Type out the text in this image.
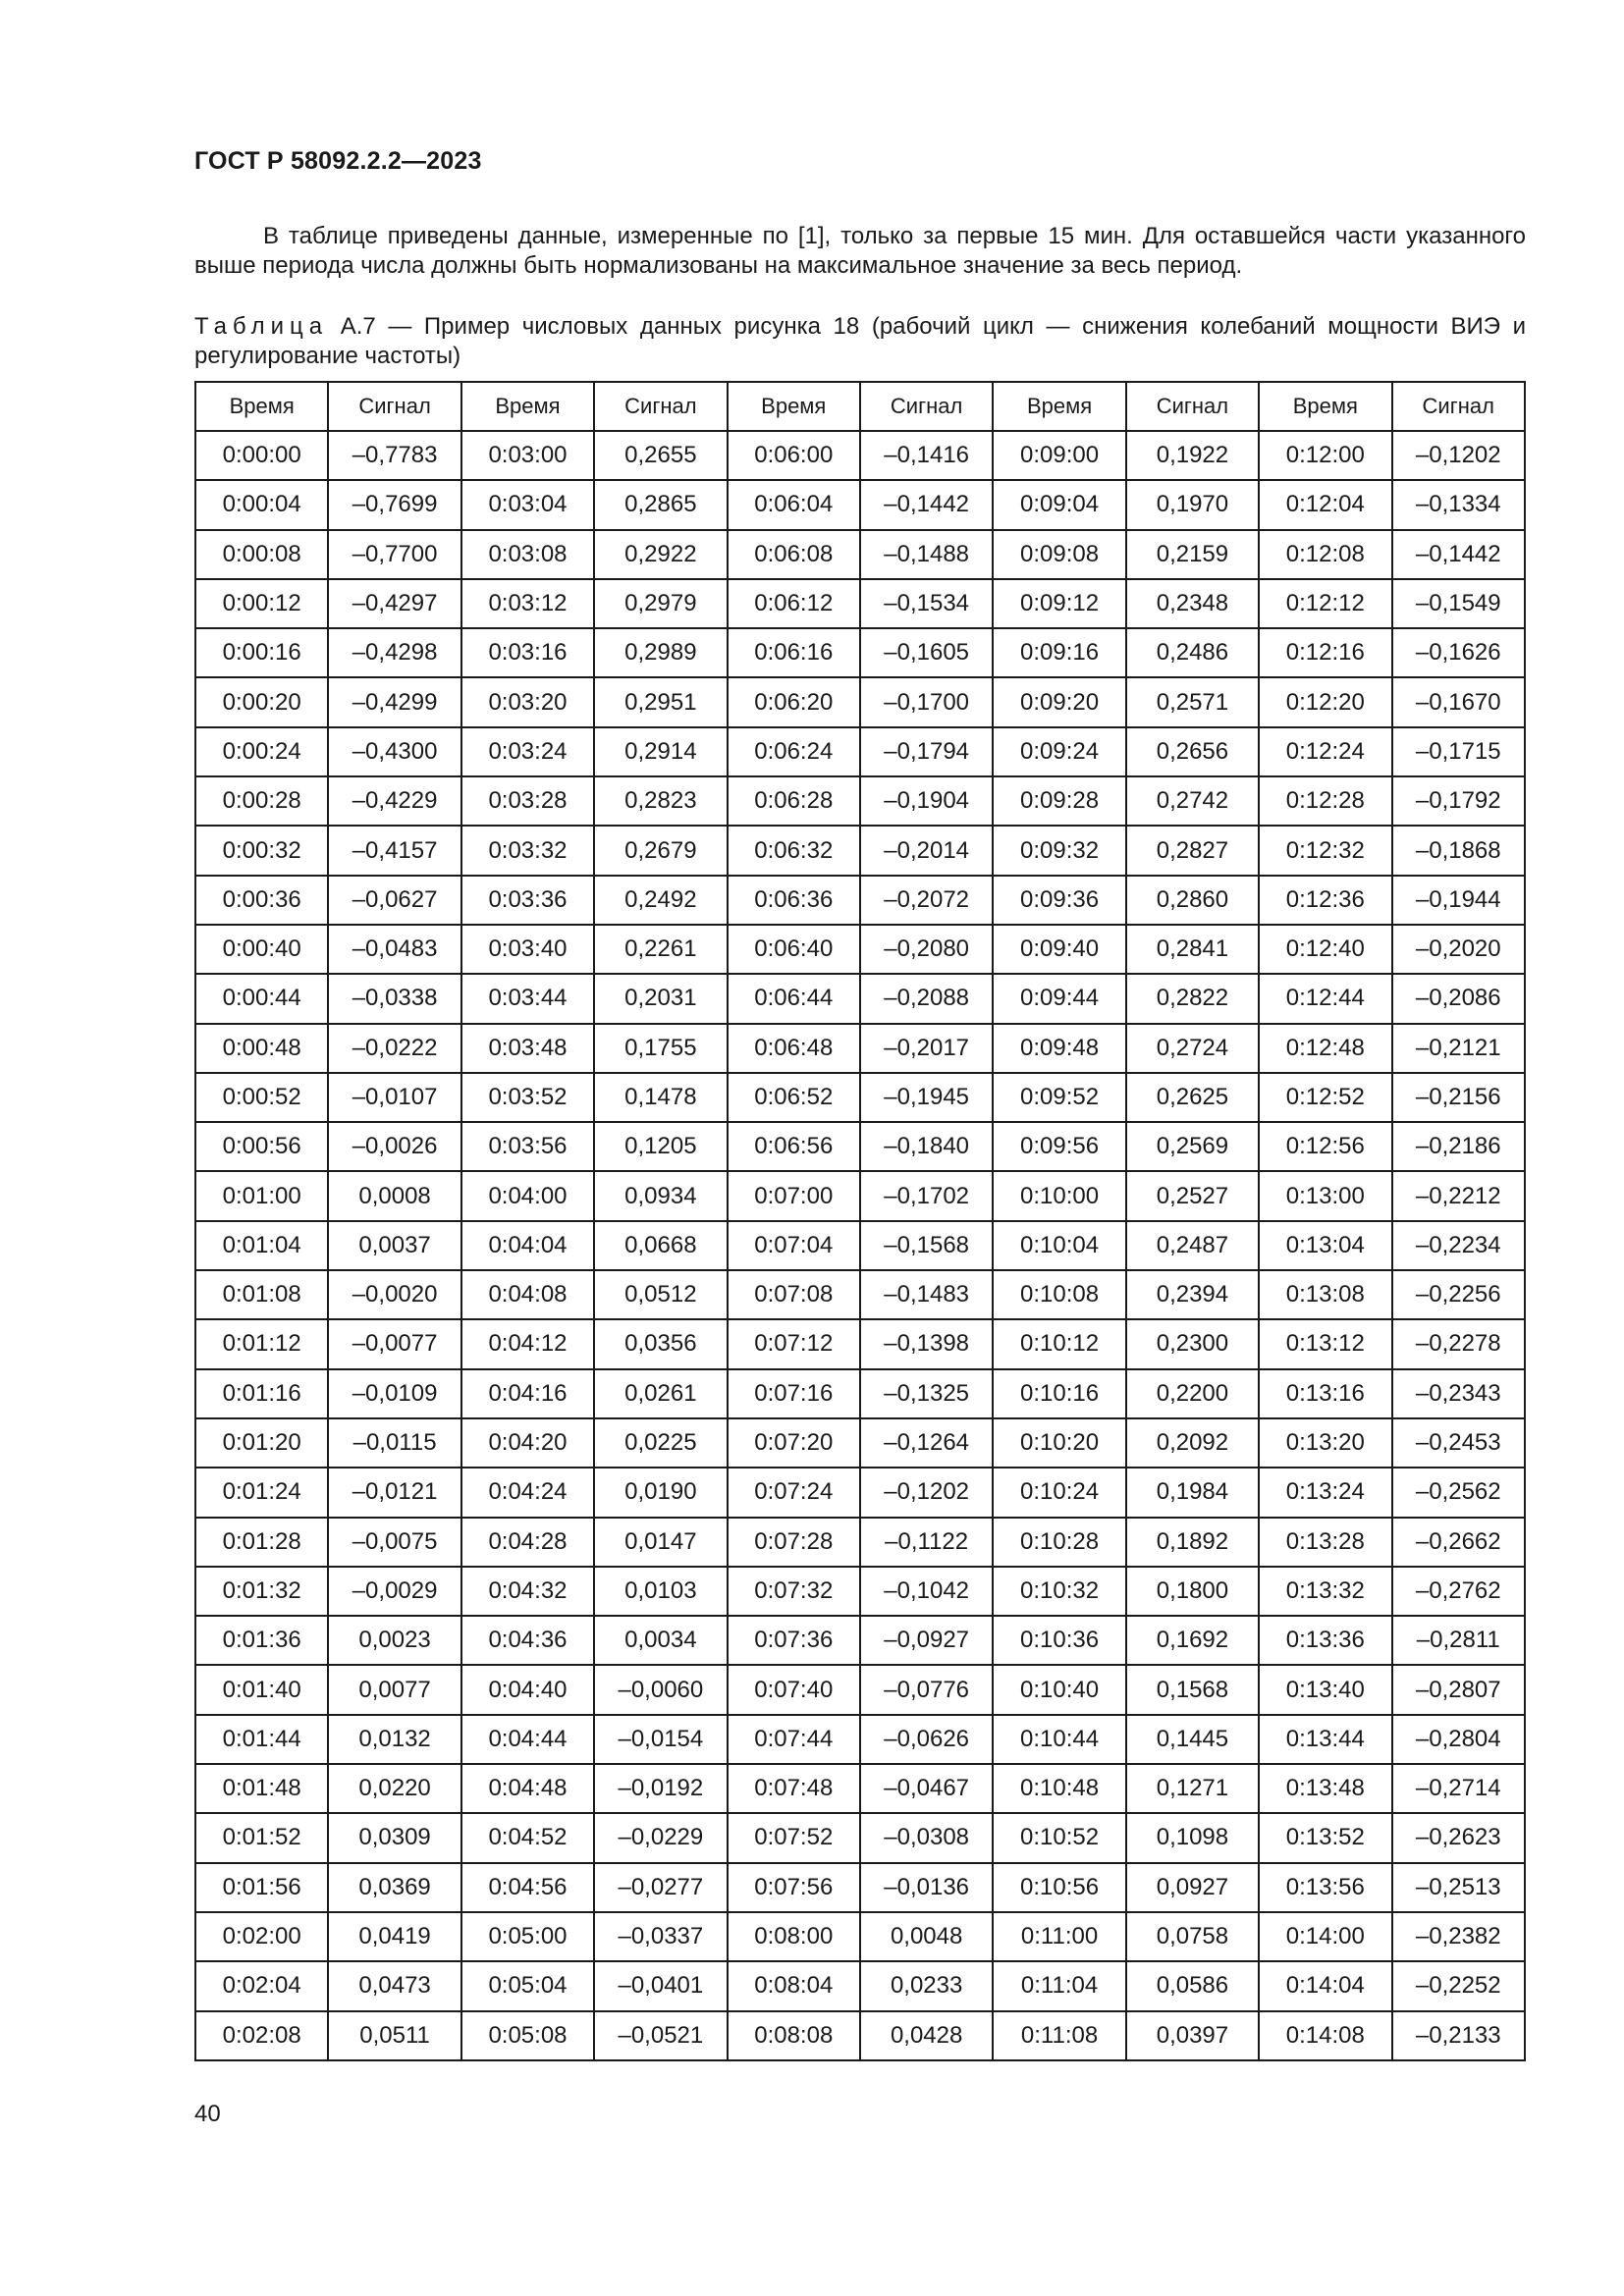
ГОСТ Р 58092.2.2—2023

В таблице приведены данные, измеренные по [1], только за первые 15 мин. Для оставшейся части указанного выше периода числа должны быть нормализованы на максимальное значение за весь период.

Таблица А.7 — Пример числовых данных рисунка 18 (рабочий цикл — снижения колебаний мощности ВИЭ и регулирование частоты)

Время	Сигнал	Время	Сигнал	Время	Сигнал	Время	Сигнал	Время	Сигнал
0:00:00	–0,7783	0:03:00	0,2655	0:06:00	–0,1416	0:09:00	0,1922	0:12:00	–0,1202
0:00:04	–0,7699	0:03:04	0,2865	0:06:04	–0,1442	0:09:04	0,1970	0:12:04	–0,1334
0:00:08	–0,7700	0:03:08	0,2922	0:06:08	–0,1488	0:09:08	0,2159	0:12:08	–0,1442
0:00:12	–0,4297	0:03:12	0,2979	0:06:12	–0,1534	0:09:12	0,2348	0:12:12	–0,1549
0:00:16	–0,4298	0:03:16	0,2989	0:06:16	–0,1605	0:09:16	0,2486	0:12:16	–0,1626
0:00:20	–0,4299	0:03:20	0,2951	0:06:20	–0,1700	0:09:20	0,2571	0:12:20	–0,1670
0:00:24	–0,4300	0:03:24	0,2914	0:06:24	–0,1794	0:09:24	0,2656	0:12:24	–0,1715
0:00:28	–0,4229	0:03:28	0,2823	0:06:28	–0,1904	0:09:28	0,2742	0:12:28	–0,1792
0:00:32	–0,4157	0:03:32	0,2679	0:06:32	–0,2014	0:09:32	0,2827	0:12:32	–0,1868
0:00:36	–0,0627	0:03:36	0,2492	0:06:36	–0,2072	0:09:36	0,2860	0:12:36	–0,1944
0:00:40	–0,0483	0:03:40	0,2261	0:06:40	–0,2080	0:09:40	0,2841	0:12:40	–0,2020
0:00:44	–0,0338	0:03:44	0,2031	0:06:44	–0,2088	0:09:44	0,2822	0:12:44	–0,2086
0:00:48	–0,0222	0:03:48	0,1755	0:06:48	–0,2017	0:09:48	0,2724	0:12:48	–0,2121
0:00:52	–0,0107	0:03:52	0,1478	0:06:52	–0,1945	0:09:52	0,2625	0:12:52	–0,2156
0:00:56	–0,0026	0:03:56	0,1205	0:06:56	–0,1840	0:09:56	0,2569	0:12:56	–0,2186
0:01:00	0,0008	0:04:00	0,0934	0:07:00	–0,1702	0:10:00	0,2527	0:13:00	–0,2212
0:01:04	0,0037	0:04:04	0,0668	0:07:04	–0,1568	0:10:04	0,2487	0:13:04	–0,2234
0:01:08	–0,0020	0:04:08	0,0512	0:07:08	–0,1483	0:10:08	0,2394	0:13:08	–0,2256
0:01:12	–0,0077	0:04:12	0,0356	0:07:12	–0,1398	0:10:12	0,2300	0:13:12	–0,2278
0:01:16	–0,0109	0:04:16	0,0261	0:07:16	–0,1325	0:10:16	0,2200	0:13:16	–0,2343
0:01:20	–0,0115	0:04:20	0,0225	0:07:20	–0,1264	0:10:20	0,2092	0:13:20	–0,2453
0:01:24	–0,0121	0:04:24	0,0190	0:07:24	–0,1202	0:10:24	0,1984	0:13:24	–0,2562
0:01:28	–0,0075	0:04:28	0,0147	0:07:28	–0,1122	0:10:28	0,1892	0:13:28	–0,2662
0:01:32	–0,0029	0:04:32	0,0103	0:07:32	–0,1042	0:10:32	0,1800	0:13:32	–0,2762
0:01:36	0,0023	0:04:36	0,0034	0:07:36	–0,0927	0:10:36	0,1692	0:13:36	–0,2811
0:01:40	0,0077	0:04:40	–0,0060	0:07:40	–0,0776	0:10:40	0,1568	0:13:40	–0,2807
0:01:44	0,0132	0:04:44	–0,0154	0:07:44	–0,0626	0:10:44	0,1445	0:13:44	–0,2804
0:01:48	0,0220	0:04:48	–0,0192	0:07:48	–0,0467	0:10:48	0,1271	0:13:48	–0,2714
0:01:52	0,0309	0:04:52	–0,0229	0:07:52	–0,0308	0:10:52	0,1098	0:13:52	–0,2623
0:01:56	0,0369	0:04:56	–0,0277	0:07:56	–0,0136	0:10:56	0,0927	0:13:56	–0,2513
0:02:00	0,0419	0:05:00	–0,0337	0:08:00	0,0048	0:11:00	0,0758	0:14:00	–0,2382
0:02:04	0,0473	0:05:04	–0,0401	0:08:04	0,0233	0:11:04	0,0586	0:14:04	–0,2252
0:02:08	0,0511	0:05:08	–0,0521	0:08:08	0,0428	0:11:08	0,0397	0:14:08	–0,2133
40
